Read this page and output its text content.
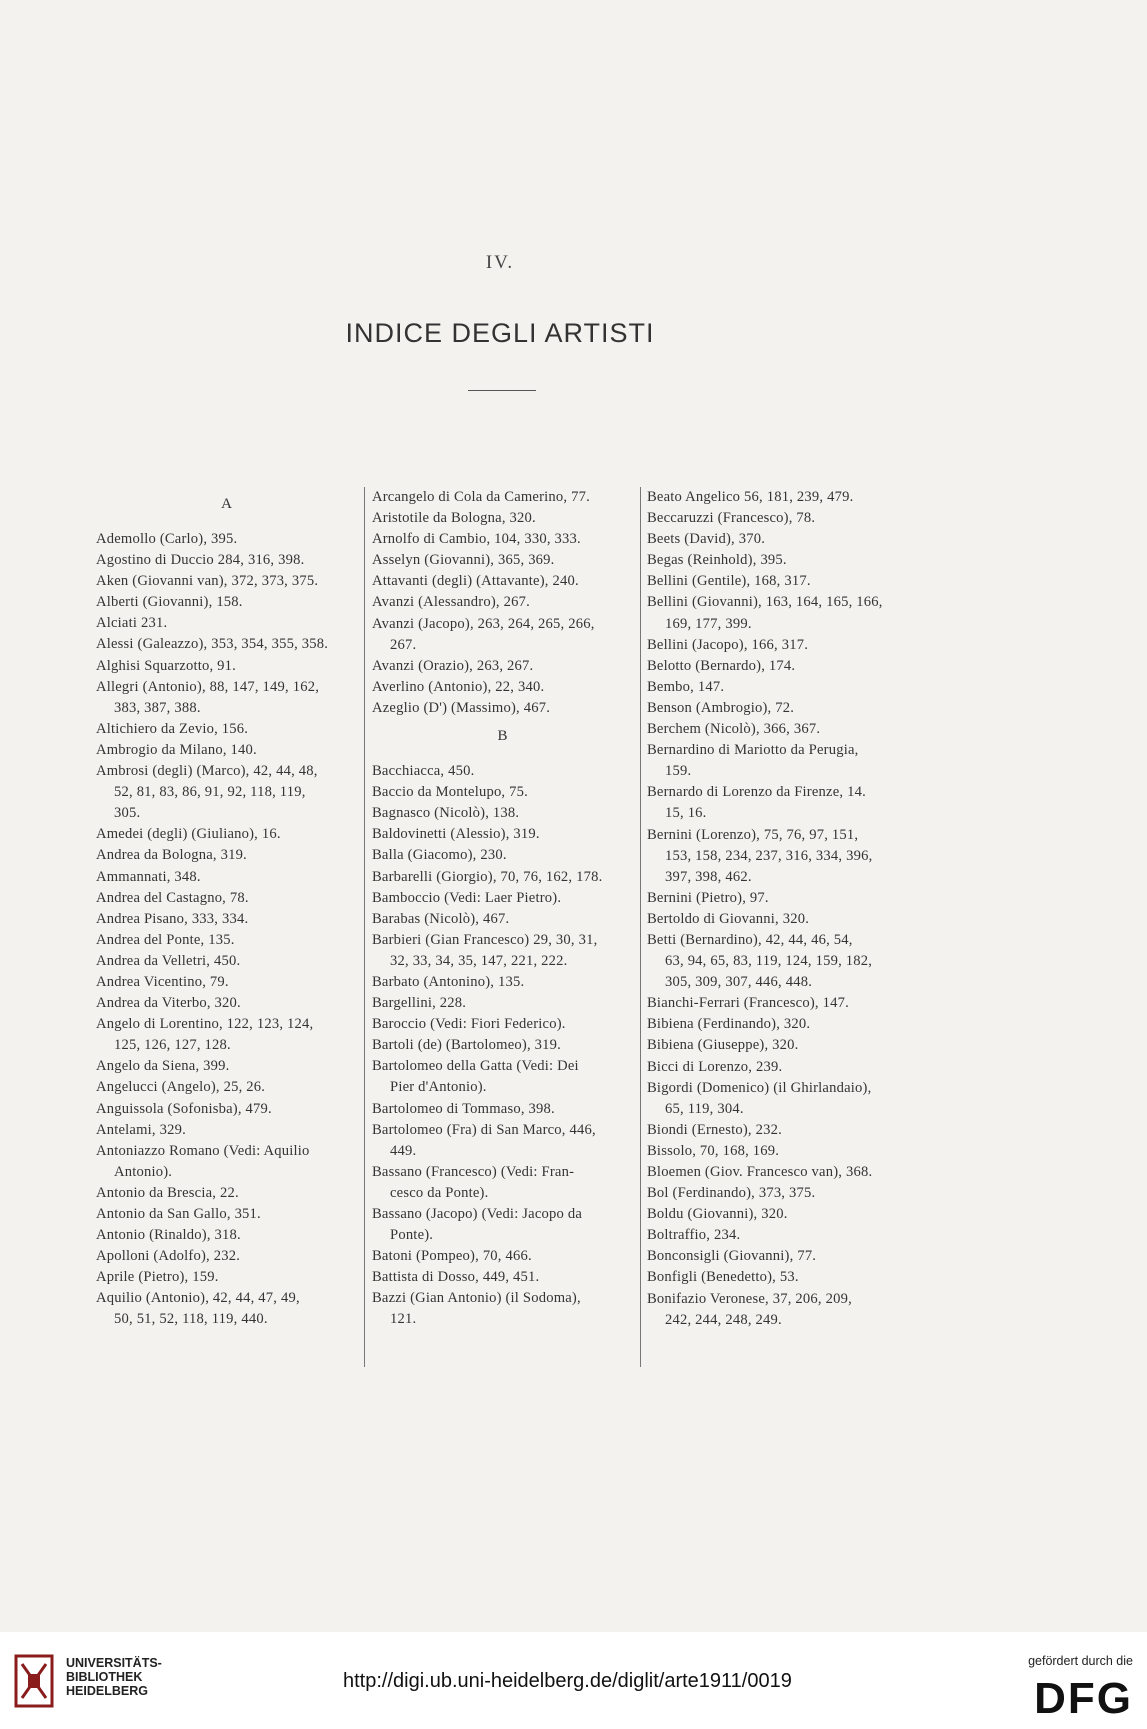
IV.
INDICE DEGLI ARTISTI
A
Ademollo (Carlo), 395.
Agostino di Duccio 284, 316, 398.
Aken (Giovanni van), 372, 373, 375.
Alberti (Giovanni), 158.
Alciati 231.
Alessi (Galeazzo), 353, 354, 355, 358.
Alghisi Squarzotto, 91.
Allegri (Antonio), 88, 147, 149, 162,
383, 387, 388.
Altichiero da Zevio, 156.
Ambrogio da Milano, 140.
Ambrosi (degli) (Marco), 42, 44, 48,
52, 81, 83, 86, 91, 92, 118, 119,
305.
Amedei (degli) (Giuliano), 16.
Andrea da Bologna, 319.
Ammannati, 348.
Andrea del Castagno, 78.
Andrea Pisano, 333, 334.
Andrea del Ponte, 135.
Andrea da Velletri, 450.
Andrea Vicentino, 79.
Andrea da Viterbo, 320.
Angelo di Lorentino, 122, 123, 124,
125, 126, 127, 128.
Angelo da Siena, 399.
Angelucci (Angelo), 25, 26.
Anguissola (Sofonisba), 479.
Antelami, 329.
Antoniazzo Romano (Vedi: Aquilio
Antonio).
Antonio da Brescia, 22.
Antonio da San Gallo, 351.
Antonio (Rinaldo), 318.
Apolloni (Adolfo), 232.
Aprile (Pietro), 159.
Aquilio (Antonio), 42, 44, 47, 49,
50, 51, 52, 118, 119, 440.
Arcangelo di Cola da Camerino, 77.
Aristotile da Bologna, 320.
Arnolfo di Cambio, 104, 330, 333.
Asselyn (Giovanni), 365, 369.
Attavanti (degli) (Attavante), 240.
Avanzi (Alessandro), 267.
Avanzi (Jacopo), 263, 264, 265, 266,
267.
Avanzi (Orazio), 263, 267.
Averlino (Antonio), 22, 340.
Azeglio (D') (Massimo), 467.
B
Bacchiacca, 450.
Baccio da Montelupo, 75.
Bagnasco (Nicolò), 138.
Baldovinetti (Alessio), 319.
Balla (Giacomo), 230.
Barbarelli (Giorgio), 70, 76, 162, 178.
Bamboccio (Vedi: Laer Pietro).
Barabas (Nicolò), 467.
Barbieri (Gian Francesco) 29, 30, 31,
32, 33, 34, 35, 147, 221, 222.
Barbato (Antonino), 135.
Bargellini, 228.
Baroccio (Vedi: Fiori Federico).
Bartoli (de) (Bartolomeo), 319.
Bartolomeo della Gatta (Vedi: Dei
Pier d'Antonio).
Bartolomeo di Tommaso, 398.
Bartolomeo (Fra) di San Marco, 446,
449.
Bassano (Francesco) (Vedi: Fran-
cesco da Ponte).
Bassano (Jacopo) (Vedi: Jacopo da
Ponte).
Batoni (Pompeo), 70, 466.
Battista di Dosso, 449, 451.
Bazzi (Gian Antonio) (il Sodoma),
121.
Beato Angelico 56, 181, 239, 479.
Beccaruzzi (Francesco), 78.
Beets (David), 370.
Begas (Reinhold), 395.
Bellini (Gentile), 168, 317.
Bellini (Giovanni), 163, 164, 165, 166,
169, 177, 399.
Bellini (Jacopo), 166, 317.
Belotto (Bernardo), 174.
Bembo, 147.
Benson (Ambrogio), 72.
Berchem (Nicolò), 366, 367.
Bernardino di Mariotto da Perugia,
159.
Bernardo di Lorenzo da Firenze, 14.
15, 16.
Bernini (Lorenzo), 75, 76, 97, 151,
153, 158, 234, 237, 316, 334, 396,
397, 398, 462.
Bernini (Pietro), 97.
Bertoldo di Giovanni, 320.
Betti (Bernardino), 42, 44, 46, 54,
63, 94, 65, 83, 119, 124, 159, 182,
305, 309, 307, 446, 448.
Bianchi-Ferrari (Francesco), 147.
Bibiena (Ferdinando), 320.
Bibiena (Giuseppe), 320.
Bicci di Lorenzo, 239.
Bigordi (Domenico) (il Ghirlandaio),
65, 119, 304.
Biondi (Ernesto), 232.
Bissolo, 70, 168, 169.
Bloemen (Giov. Francesco van), 368.
Bol (Ferdinando), 373, 375.
Boldu (Giovanni), 320.
Boltraffio, 234.
Bonconsigli (Giovanni), 77.
Bonfigli (Benedetto), 53.
Bonifazio Veronese, 37, 206, 209,
242, 244, 248, 249.
UNIVERSITÄTS-
BIBLIOTHEK
HEIDELBERG	http://digi.ub.uni-heidelberg.de/diglit/arte1911/0019
gefördert durch die
DFG
